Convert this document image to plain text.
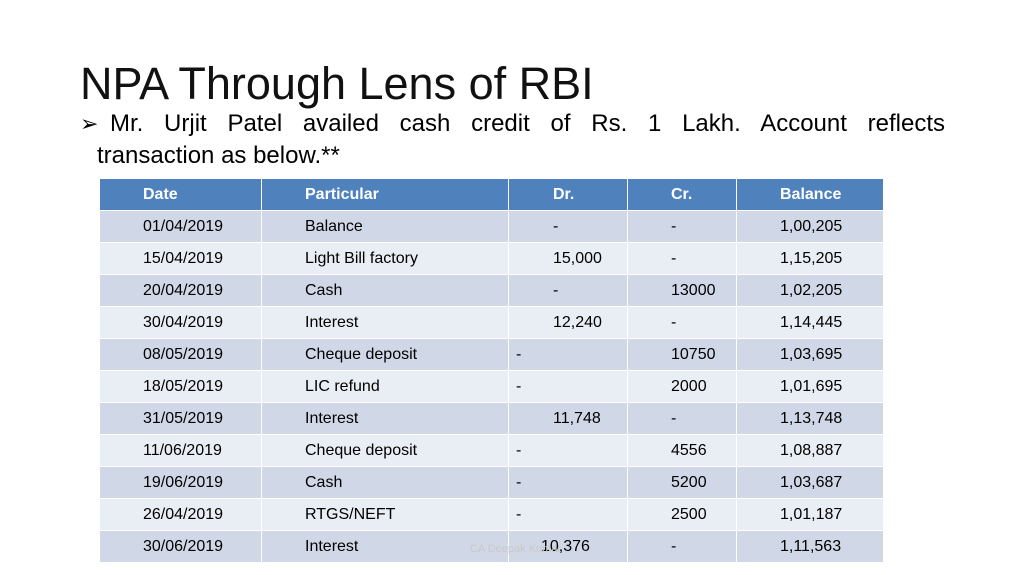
NPA Through Lens of RBI
➢ Mr. Urjit Patel availed cash credit of Rs. 1 Lakh. Account reflects
transaction as below.**
Date	Particular	Dr.	Cr.	Balance
01/04/2019	Balance	-	-	1,00,205
15/04/2019	Light Bill factory	15,000	-	1,15,205
20/04/2019	Cash	-	13000	1,02,205
30/04/2019	Interest	12,240	-	1,14,445
08/05/2019	Cheque deposit	-	10750	1,03,695
18/05/2019	LIC refund	-	2000	1,01,695
31/05/2019	Interest	11,748	-	1,13,748
11/06/2019	Cheque deposit	-	4556	1,08,887
19/06/2019	Cash	-	5200	1,03,687
26/04/2019	RTGS/NEFT	-	2500	1,01,187
30/06/2019	Interest	10,376	-	1,11,563
CA Deepak Kumar
